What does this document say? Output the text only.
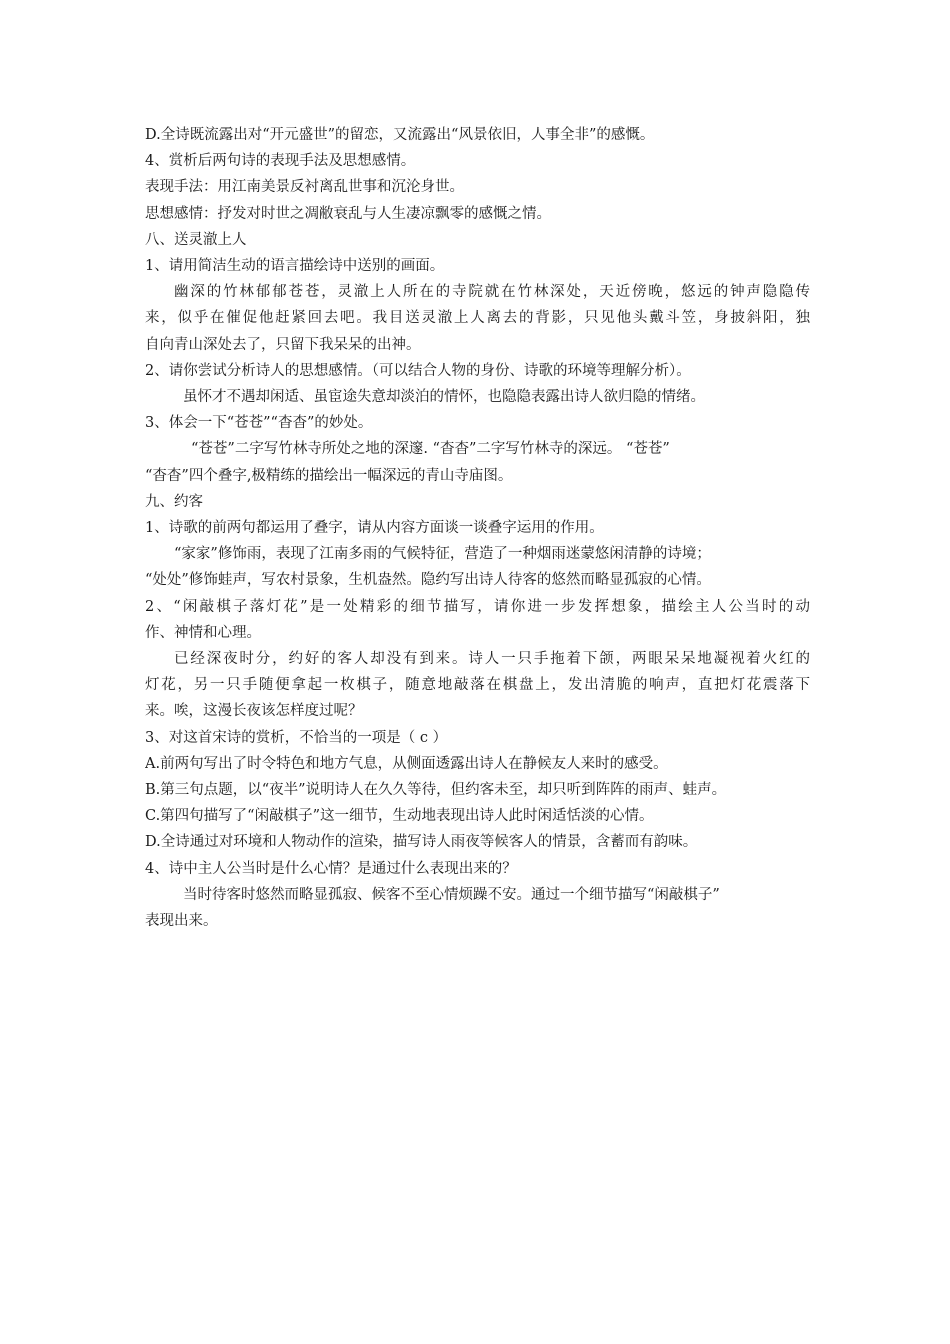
D.全诗既流露出对“开元盛世”的留恋，又流露出“风景依旧，人事全非”的感慨。
4、赏析后两句诗的表现手法及思想感情。
表现手法：用江南美景反衬离乱世事和沉沦身世。
思想感情：抒发对时世之凋敝衰乱与人生凄凉飘零的感慨之情。
八、送灵澈上人
1、请用简洁生动的语言描绘诗中送别的画面。
幽深的竹林郁郁苍苍，灵澈上人所在的寺院就在竹林深处，天近傍晚，悠远的钟声隐隐传
来，似乎在催促他赶紧回去吧。我目送灵澈上人离去的背影，只见他头戴斗笠，身披斜阳，独
自向青山深处去了，只留下我呆呆的出神。
2、请你尝试分析诗人的思想感情。（可以结合人物的身份、诗歌的环境等理解分析）。
虽怀才不遇却闲适、虽宦途失意却淡泊的情怀，也隐隐表露出诗人欲归隐的情绪。
3、体会一下“苍苍”“杳杳”的妙处。
“苍苍”二字写竹林寺所处之地的深邃. “杳杳”二字写竹林寺的深远。 “苍苍”
“杳杳”四个叠字,极精练的描绘出一幅深远的青山寺庙图。
九、约客
1、诗歌的前两句都运用了叠字，请从内容方面谈一谈叠字运用的作用。
“家家”修饰雨，表现了江南多雨的气候特征，营造了一种烟雨迷蒙悠闲清静的诗境；
“处处”修饰蛙声，写农村景象，生机盎然。隐约写出诗人待客的悠然而略显孤寂的心情。
2、“闲敲棋子落灯花”是一处精彩的细节描写，请你进一步发挥想象，描绘主人公当时的动
作、神情和心理。
已经深夜时分，约好的客人却没有到来。诗人一只手拖着下颌，两眼呆呆地凝视着火红的
灯花，另一只手随便拿起一枚棋子，随意地敲落在棋盘上，发出清脆的响声，直把灯花震落下
来。唉，这漫长夜该怎样度过呢？
3、对这首宋诗的赏析，不恰当的一项是（ c ）
A.前两句写出了时令特色和地方气息，从侧面透露出诗人在静候友人来时的感受。
B.第三句点题，以“夜半”说明诗人在久久等待，但约客未至，却只听到阵阵的雨声、蛙声。
C.第四句描写了“闲敲棋子”这一细节，生动地表现出诗人此时闲适恬淡的心情。
D.全诗通过对环境和人物动作的渲染，描写诗人雨夜等候客人的情景，含蓄而有韵味。
4、诗中主人公当时是什么心情？是通过什么表现出来的？
当时待客时悠然而略显孤寂、候客不至心情烦躁不安。通过一个细节描写“闲敲棋子”
表现出来。
